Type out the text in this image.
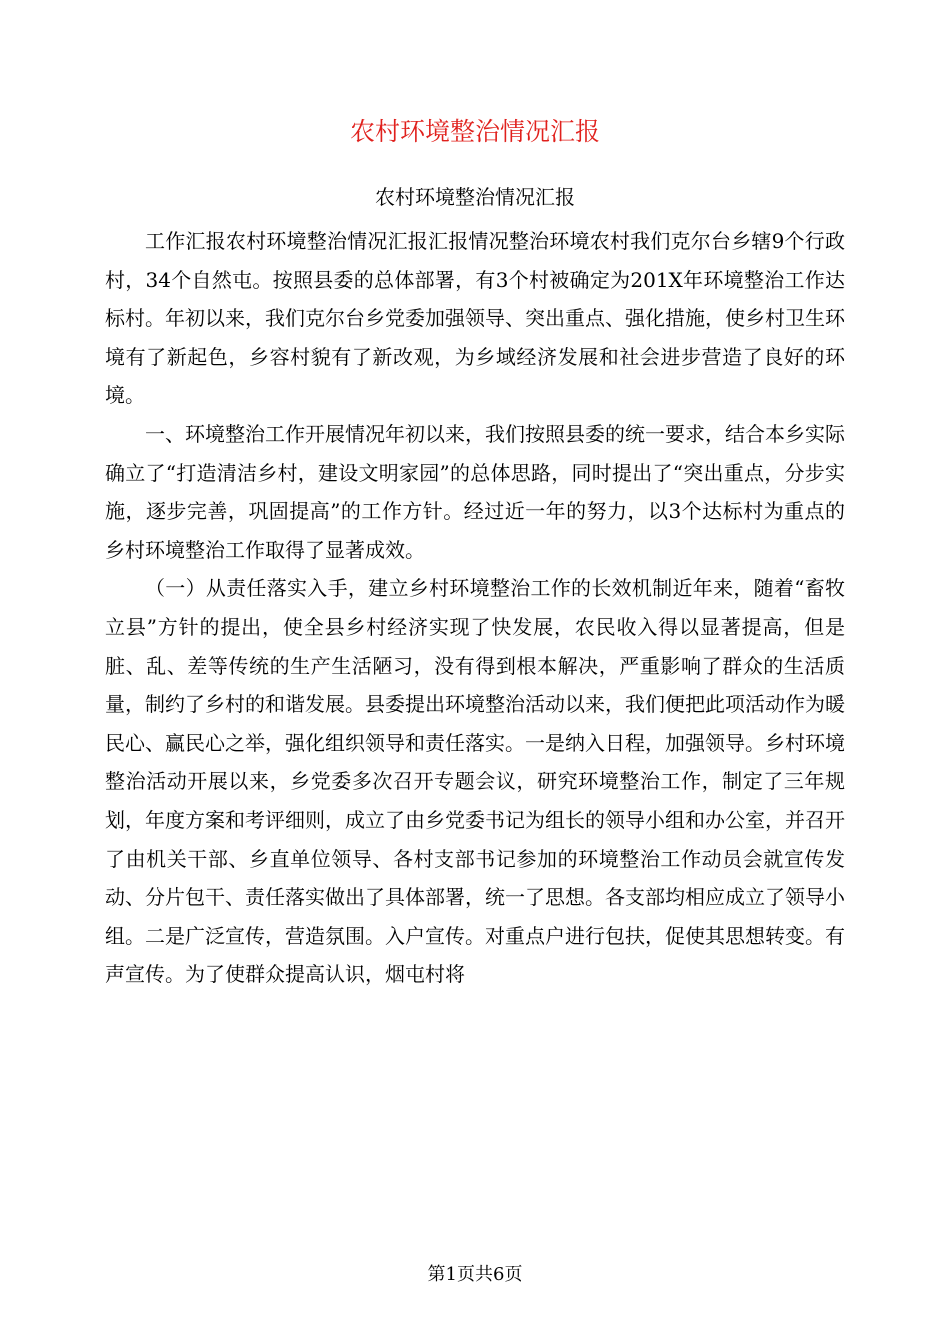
农村环境整治情况汇报
农村环境整治情况汇报

工作汇报农村环境整治情况汇报汇报情况整治环境农村我们克尔台乡辖9个行政村，34个自然屯。按照县委的总体部署，有3个村被确定为201X年环境整治工作达标村。年初以来，我们克尔台乡党委加强领导、突出重点、强化措施，使乡村卫生环境有了新起色，乡容村貌有了新改观，为乡域经济发展和社会进步营造了良好的环境。

一、环境整治工作开展情况年初以来，我们按照县委的统一要求，结合本乡实际确立了“打造清洁乡村，建设文明家园”的总体思路，同时提出了“突出重点，分步实施，逐步完善，巩固提高”的工作方针。经过近一年的努力，以3个达标村为重点的乡村环境整治工作取得了显著成效。

（一）从责任落实入手，建立乡村环境整治工作的长效机制近年来，随着“畜牧立县”方针的提出，使全县乡村经济实现了快发展，农民收入得以显著提高，但是脏、乱、差等传统的生产生活陋习，没有得到根本解决，严重影响了群众的生活质量，制约了乡村的和谐发展。县委提出环境整治活动以来，我们便把此项活动作为暖民心、赢民心之举，强化组织领导和责任落实。一是纳入日程，加强领导。乡村环境整治活动开展以来，乡党委多次召开专题会议，研究环境整治工作，制定了三年规划，年度方案和考评细则，成立了由乡党委书记为组长的领导小组和办公室，并召开了由机关干部、乡直单位领导、各村支部书记参加的环境整治工作动员会就宣传发动、分片包干、责任落实做出了具体部署，统一了思想。各支部均相应成立了领导小组。二是广泛宣传，营造氛围。入户宣传。对重点户进行包扶，促使其思想转变。有声宣传。为了使群众提高认识，烟屯村将

第1页共6页
